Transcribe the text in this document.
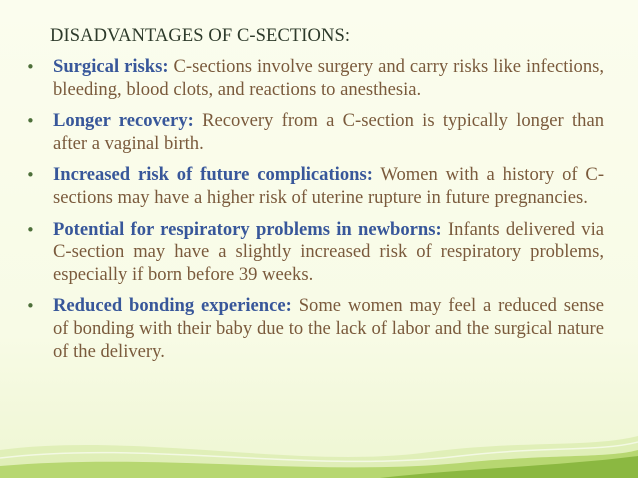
DISADVANTAGES OF C-SECTIONS:
• Surgical risks: C-sections involve surgery and carry risks like infections, bleeding, blood clots, and reactions to anesthesia.
• Longer recovery: Recovery from a C-section is typically longer than after a vaginal birth.
• Increased risk of future complications: Women with a history of C-sections may have a higher risk of uterine rupture in future pregnancies.
• Potential for respiratory problems in newborns: Infants delivered via C-section may have a slightly increased risk of respiratory problems, especially if born before 39 weeks.
• Reduced bonding experience: Some women may feel a reduced sense of bonding with their baby due to the lack of labor and the surgical nature of the delivery.
